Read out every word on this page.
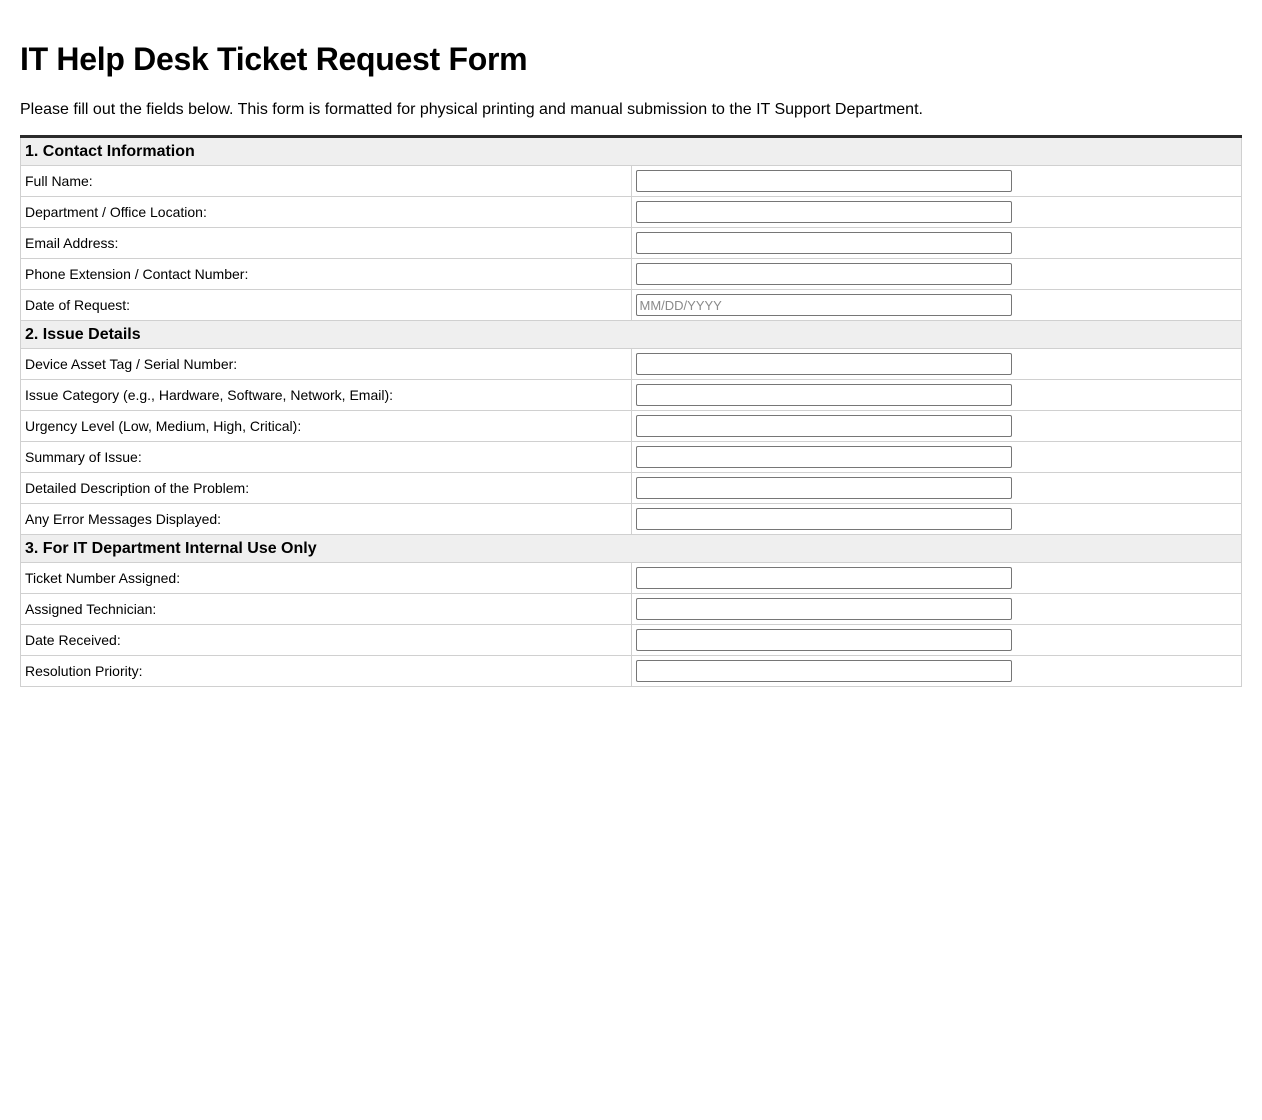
IT Help Desk Ticket Request Form

Please fill out the fields below. This form is formatted for physical printing and manual submission to the IT Support Department.

1. Contact Information	
Full Name:	

Department / Office Location:	

Email Address:	

Phone Extension / Contact Number:	

Date of Request:	
MM/DD/YYYY
2. Issue Details	
Device Asset Tag / Serial Number:	

Issue Category (e.g., Hardware, Software, Network, Email):	

Urgency Level (Low, Medium, High, Critical):	

Summary of Issue:	

Detailed Description of the Problem:	

Any Error Messages Displayed:	

3. For IT Department Internal Use Only	
Ticket Number Assigned:	

Assigned Technician:	

Date Received:	

Resolution Priority:	
